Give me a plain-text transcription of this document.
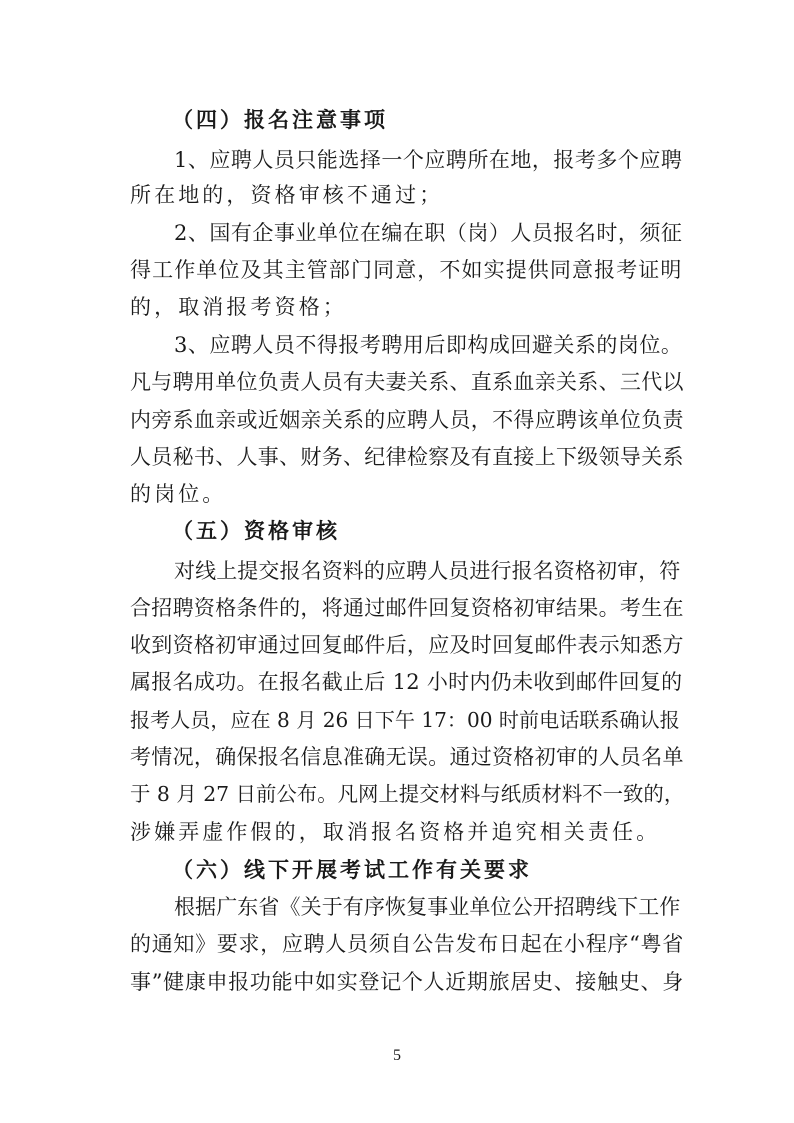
（四）报名注意事项
1、应聘人员只能选择一个应聘所在地，报考多个应聘
所在地的，资格审核不通过；
2、国有企事业单位在编在职（岗）人员报名时，须征
得工作单位及其主管部门同意，不如实提供同意报考证明
的，取消报考资格；
3、应聘人员不得报考聘用后即构成回避关系的岗位。
凡与聘用单位负责人员有夫妻关系、直系血亲关系、三代以
内旁系血亲或近姻亲关系的应聘人员，不得应聘该单位负责
人员秘书、人事、财务、纪律检察及有直接上下级领导关系
的岗位。
（五）资格审核
对线上提交报名资料的应聘人员进行报名资格初审，符
合招聘资格条件的，将通过邮件回复资格初审结果。考生在
收到资格初审通过回复邮件后，应及时回复邮件表示知悉方
属报名成功。在报名截止后 12 小时内仍未收到邮件回复的
报考人员，应在 8 月 26 日下午 17：00 时前电话联系确认报
考情况，确保报名信息准确无误。通过资格初审的人员名单
于 8 月 27 日前公布。凡网上提交材料与纸质材料不一致的，
涉嫌弄虚作假的，取消报名资格并追究相关责任。
（六）线下开展考试工作有关要求
根据广东省《关于有序恢复事业单位公开招聘线下工作
的通知》要求，应聘人员须自公告发布日起在小程序“粤省
事”健康申报功能中如实登记个人近期旅居史、接触史、身
5
